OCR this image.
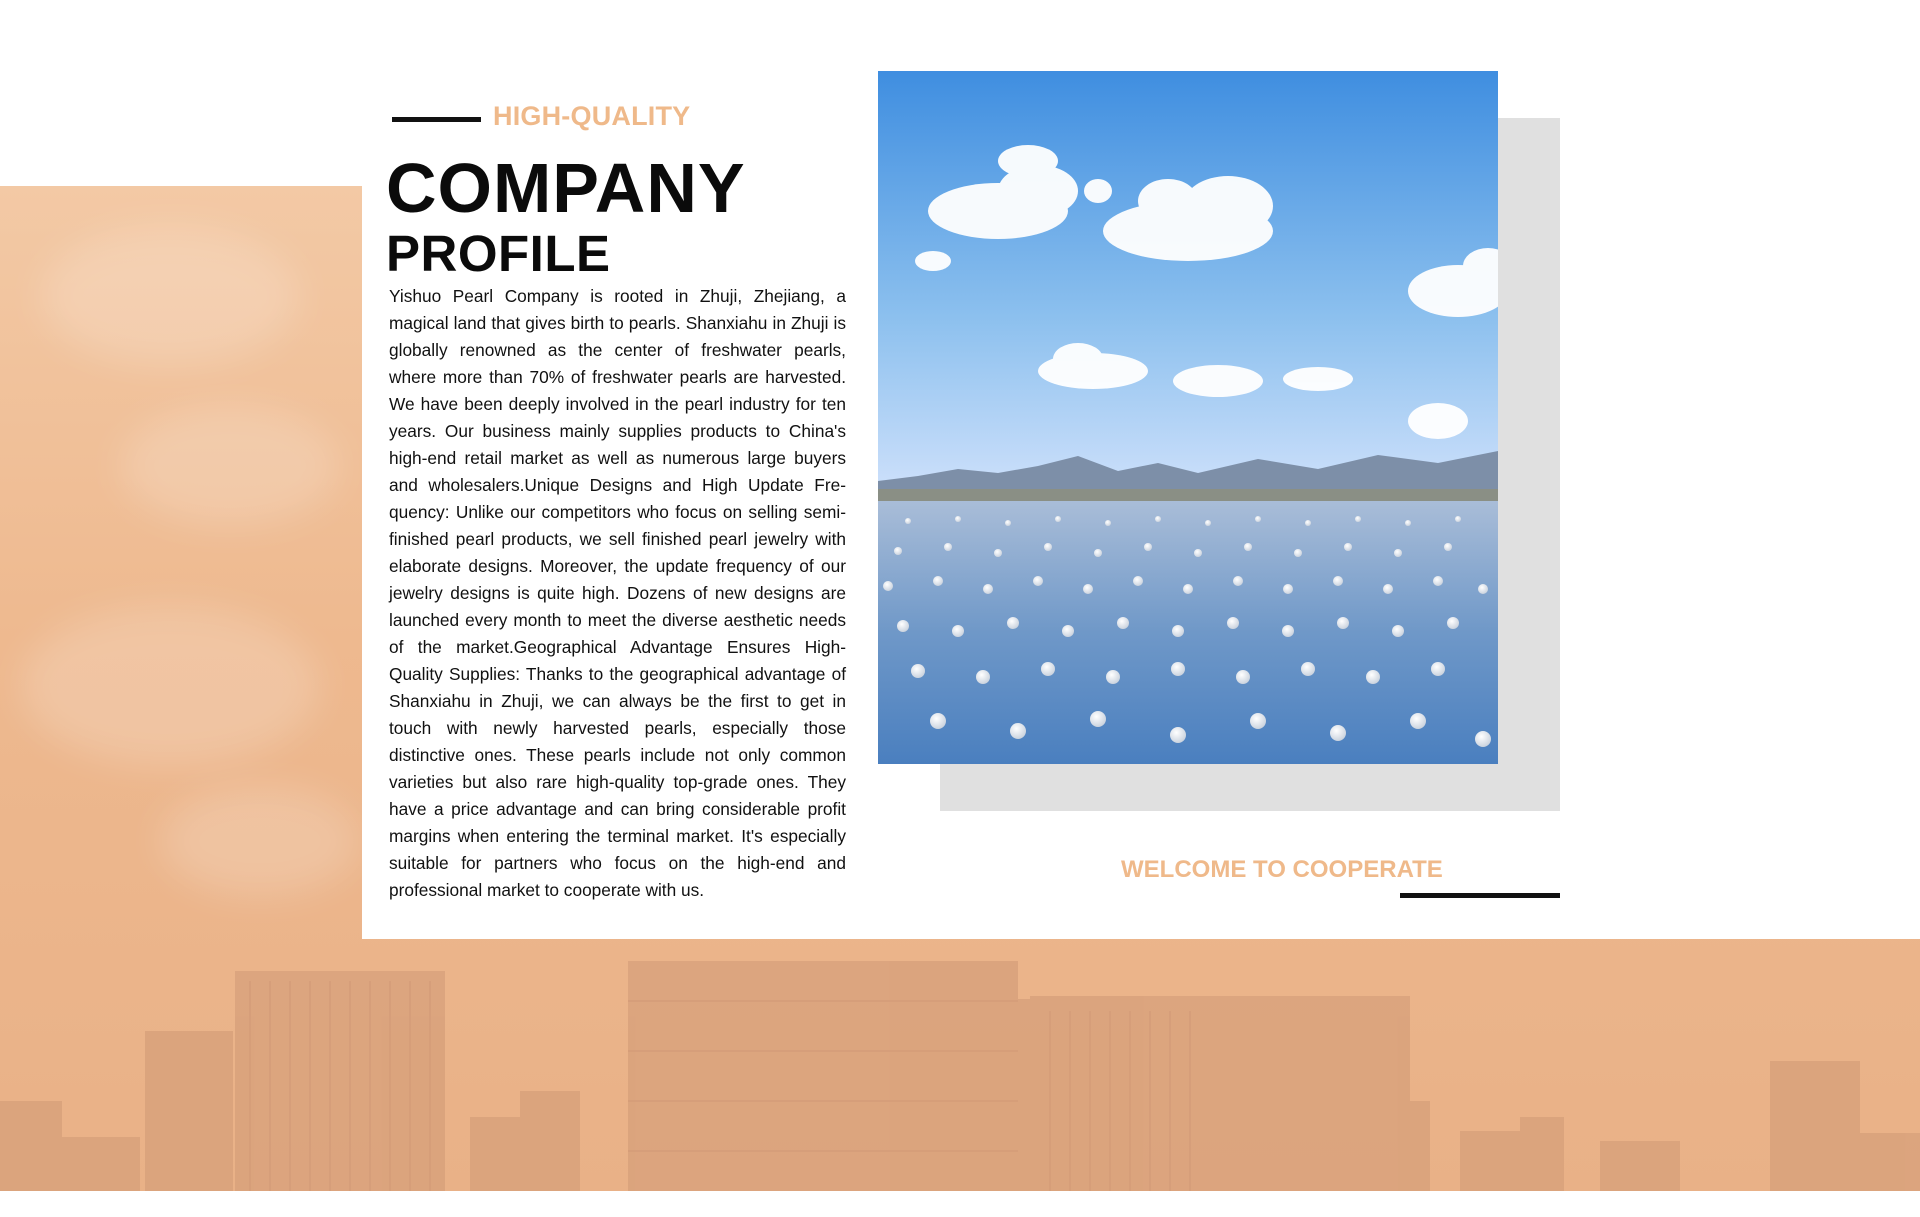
HIGH-QUALITY
COMPANY
PROFILE
Yishuo Pearl Company is rooted in Zhuji, Zhejiang, a magical land that gives birth to pearls. Shanxiahu in Zhuji is globally renowned as the center of freshwater pearls, where more than 70% of freshwater pearls are harvested. We have been deeply involved in the pearl industry for ten years. Our business mainly supplies products to China's high-end retail market as well as numerous large buyers and wholesalers.Unique Designs and High Update Frequency: Unlike our competitors who focus on selling semi-finished pearl products, we sell finished pearl jewelry with elaborate designs. Moreover, the update frequency of our jewelry designs is quite high. Dozens of new designs are launched every month to meet the diverse aesthetic needs of the market.Geographical Advantage Ensures High-Quality Supplies: Thanks to the geographical advantage of Shanxiahu in Zhuji, we can always be the first to get in touch with newly harvested pearls, especially those distinctive ones. These pearls include not only common varieties but also rare high-quality top-grade ones. They have a price advantage and can bring considerable profit margins when entering the terminal market. It's especially suitable for partners who focus on the high-end and professional market to cooperate with us.
WELCOME TO COOPERATE
